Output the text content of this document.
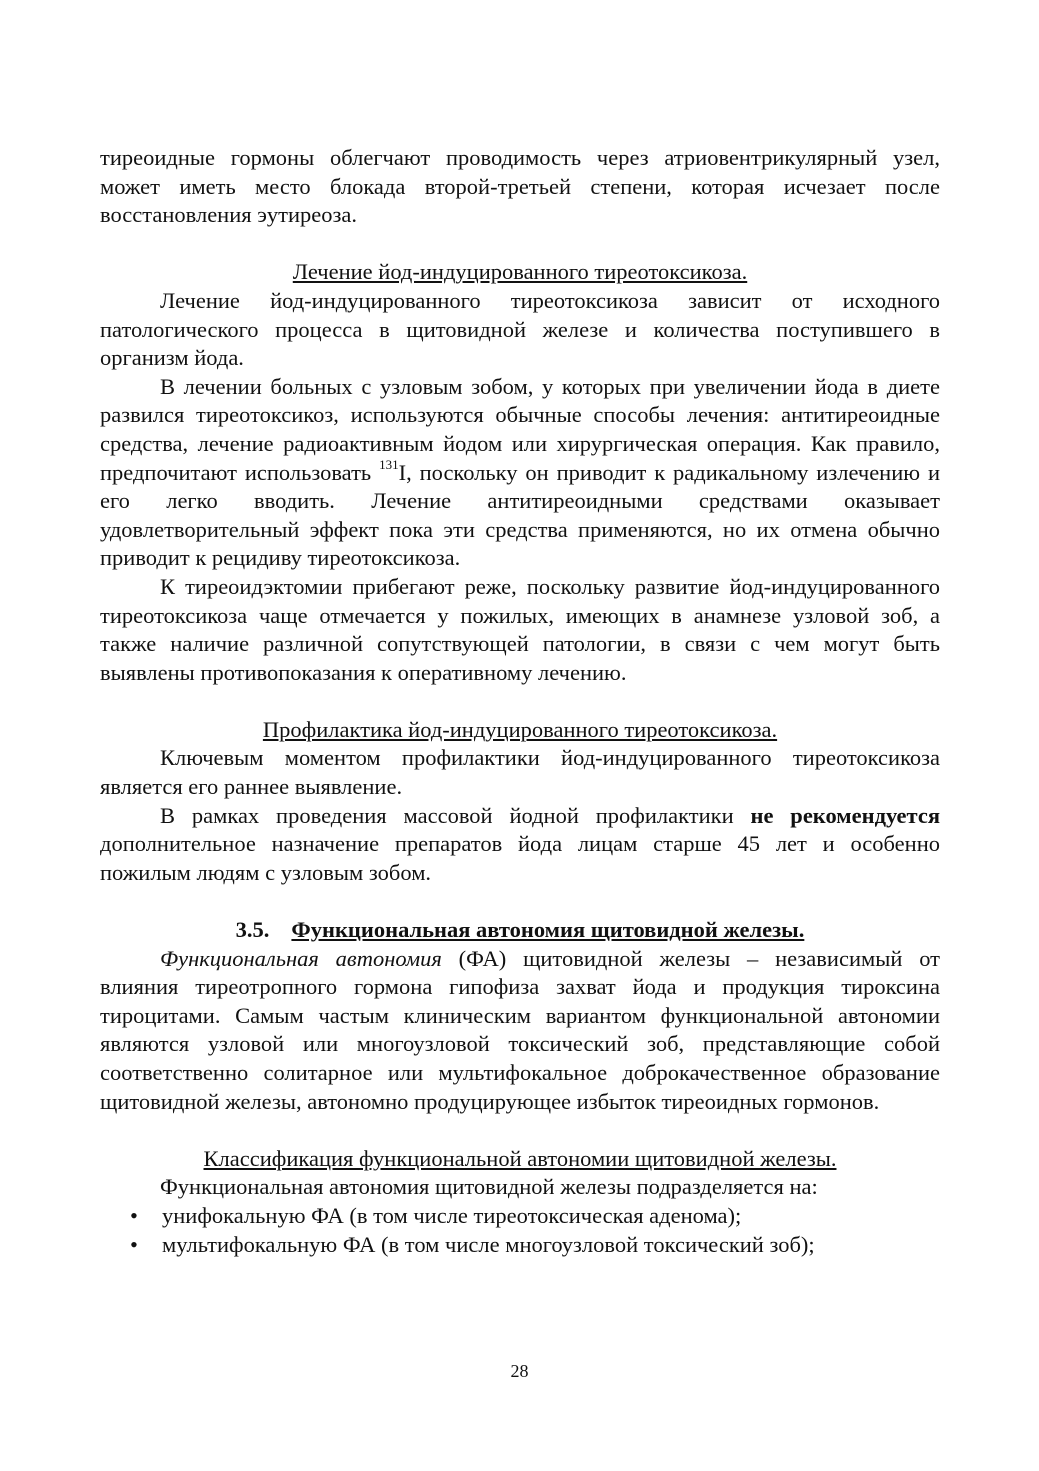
тиреоидные гормоны облегчают проводимость через атриовентрикулярный узел, может иметь место блокада второй-третьей степени, которая исчезает после восстановления эутиреоза.

Лечение йод-индуцированного тиреотоксикоза.

Лечение йод-индуцированного тиреотоксикоза зависит от исходного патологического процесса в щитовидной железе и количества поступившего в организм йода.

В лечении больных с узловым зобом, у которых при увеличении йода в диете развился тиреотоксикоз, используются обычные способы лечения: антитиреоидные средства, лечение радиоактивным йодом или хирургическая операция. Как правило, предпочитают использовать $^{131}$I, поскольку он приводит к радикальному излечению и его легко вводить. Лечение антитиреоидными средствами оказывает удовлетворительный эффект пока эти средства применяются, но их отмена обычно приводит к рецидиву тиреотоксикоза.

К тиреоидэктомии прибегают реже, поскольку развитие йод-индуцированного тиреотоксикоза чаще отмечается у пожилых, имеющих в анамнезе узловой зоб, а также наличие различной сопутствующей патологии, в связи с чем могут быть выявлены противопоказания к оперативному лечению.

Профилактика йод-индуцированного тиреотоксикоза.

Ключевым моментом профилактики йод-индуцированного тиреотоксикоза является его раннее выявление.

В рамках проведения массовой йодной профилактики не рекомендуется дополнительное назначение препаратов йода лицам старше 45 лет и особенно пожилым людям с узловым зобом.

3.5. Функциональная автономия щитовидной железы.

Функциональная автономия (ФА) щитовидной железы – независимый от влияния тиреотропного гормона гипофиза захват йода и продукция тироксина тироцитами. Самым частым клиническим вариантом функциональной автономии являются узловой или многоузловой токсический зоб, представляющие собой соответственно солитарное или мультифокальное доброкачественное образование щитовидной железы, автономно продуцирующее избыток тиреоидных гормонов.

Классификация функциональной автономии щитовидной железы.

Функциональная автономия щитовидной железы подразделяется на:

• унифокальную ФА (в том числе тиреотоксическая аденома);
• мультифокальную ФА (в том числе многоузловой токсический зоб);
28
